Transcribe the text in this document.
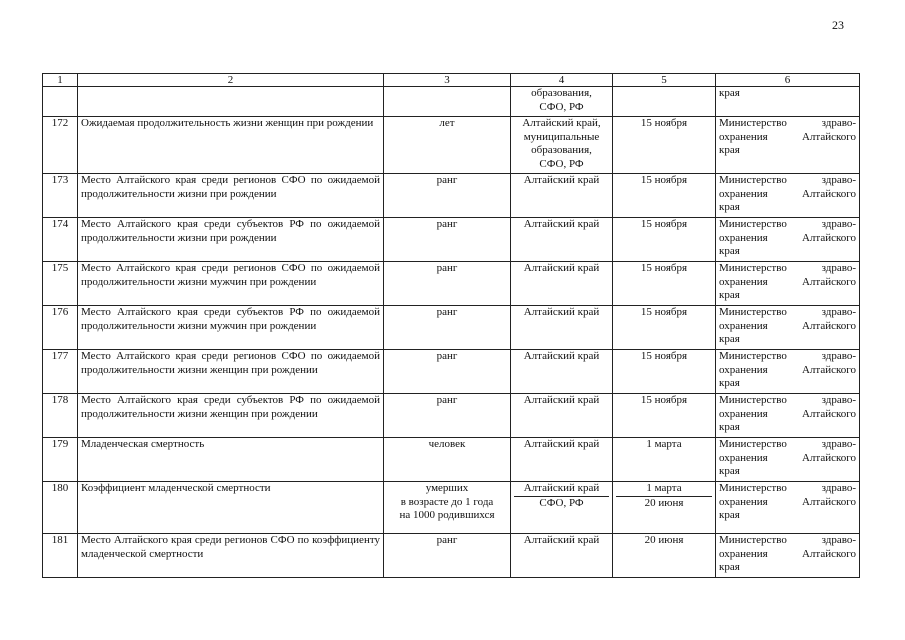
23
1	2	3	4	5	6

			образования,
СФО, РФ		края

172	Ожидаемая продолжительность жизни женщин при рождении	лет	Алтайский край,
муниципальные
образования,
СФО, РФ	15 ноября	Министерство здраво-
охранения Алтайского
края

173	Место Алтайского края среди регионов СФО по ожидаемой продолжительности жизни при рождении	ранг	Алтайский край	15 ноября	Министерство здраво-
охранения Алтайского
края

174	Место Алтайского края среди субъектов РФ по ожидаемой продолжительности жизни при рождении	ранг	Алтайский край	15 ноября	Министерство здраво-
охранения Алтайского
края

175	Место Алтайского края среди регионов СФО по ожидаемой продолжительности жизни мужчин при рождении	ранг	Алтайский край	15 ноября	Министерство здраво-
охранения Алтайского
края

176	Место Алтайского края среди субъектов РФ по ожидаемой продолжительности жизни мужчин при рождении	ранг	Алтайский край	15 ноября	Министерство здраво-
охранения Алтайского
края

177	Место Алтайского края среди регионов СФО по ожидаемой продолжительности жизни женщин при рождении	ранг	Алтайский край	15 ноября	Министерство здраво-
охранения Алтайского
края

178	Место Алтайского края среди субъектов РФ по ожидаемой продолжительности жизни женщин при рождении	ранг	Алтайский край	15 ноября	Министерство здраво-
охранения Алтайского
края

179	Младенческая смертность	человек	Алтайский край	1 марта	Министерство здраво-
охранения Алтайского
края

180	Коэффициент младенческой смертности	умерших
в возрасте до 1 года
на 1000 родившихся	Алтайский край
СФО, РФ	1 марта
20 июня	Министерство здраво-
охранения Алтайского
края

181	Место Алтайского края среди регионов СФО по коэффициенту младенческой смертности	ранг	Алтайский край	20 июня	Министерство здраво-
охранения Алтайского
края
